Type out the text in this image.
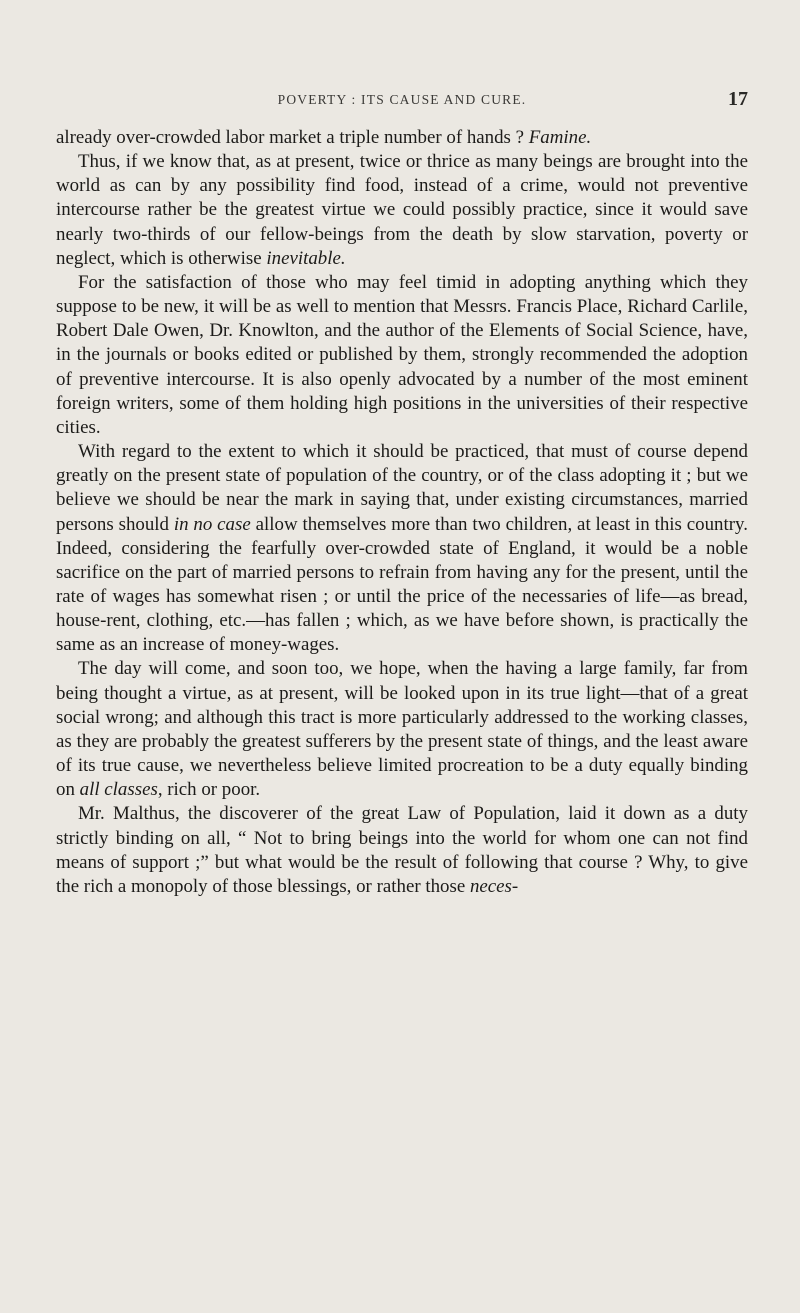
POVERTY : ITS CAUSE AND CURE.	17

already over-crowded labor market a triple number of hands ? Famine.

Thus, if we know that, as at present, twice or thrice as many beings are brought into the world as can by any possibility find food, instead of a crime, would not preventive intercourse rather be the greatest virtue we could possibly practice, since it would save nearly two-thirds of our fellow-beings from the death by slow starvation, poverty or neglect, which is otherwise inevitable.

For the satisfaction of those who may feel timid in adopting anything which they suppose to be new, it will be as well to mention that Messrs. Francis Place, Richard Carlile, Robert Dale Owen, Dr. Knowlton, and the author of the Elements of Social Science, have, in the journals or books edited or published by them, strongly recommended the adoption of preventive intercourse. It is also openly advocated by a number of the most eminent foreign writers, some of them holding high positions in the universities of their respective cities.

With regard to the extent to which it should be practiced, that must of course depend greatly on the present state of population of the country, or of the class adopting it ; but we believe we should be near the mark in saying that, under existing circumstances, married persons should in no case allow themselves more than two children, at least in this country. Indeed, considering the fearfully over-crowded state of England, it would be a noble sacrifice on the part of married persons to refrain from having any for the present, until the rate of wages has somewhat risen ; or until the price of the necessaries of life—as bread, house-rent, clothing, etc.—has fallen ; which, as we have before shown, is practically the same as an increase of money-wages.

The day will come, and soon too, we hope, when the having a large family, far from being thought a virtue, as at present, will be looked upon in its true light—that of a great social wrong; and although this tract is more particularly addressed to the working classes, as they are probably the greatest sufferers by the present state of things, and the least aware of its true cause, we nevertheless believe limited procreation to be a duty equally binding on all classes, rich or poor.

Mr. Malthus, the discoverer of the great Law of Population, laid it down as a duty strictly binding on all, “ Not to bring beings into the world for whom one can not find means of support ;” but what would be the result of following that course ? Why, to give the rich a monopoly of those blessings, or rather those neces-
